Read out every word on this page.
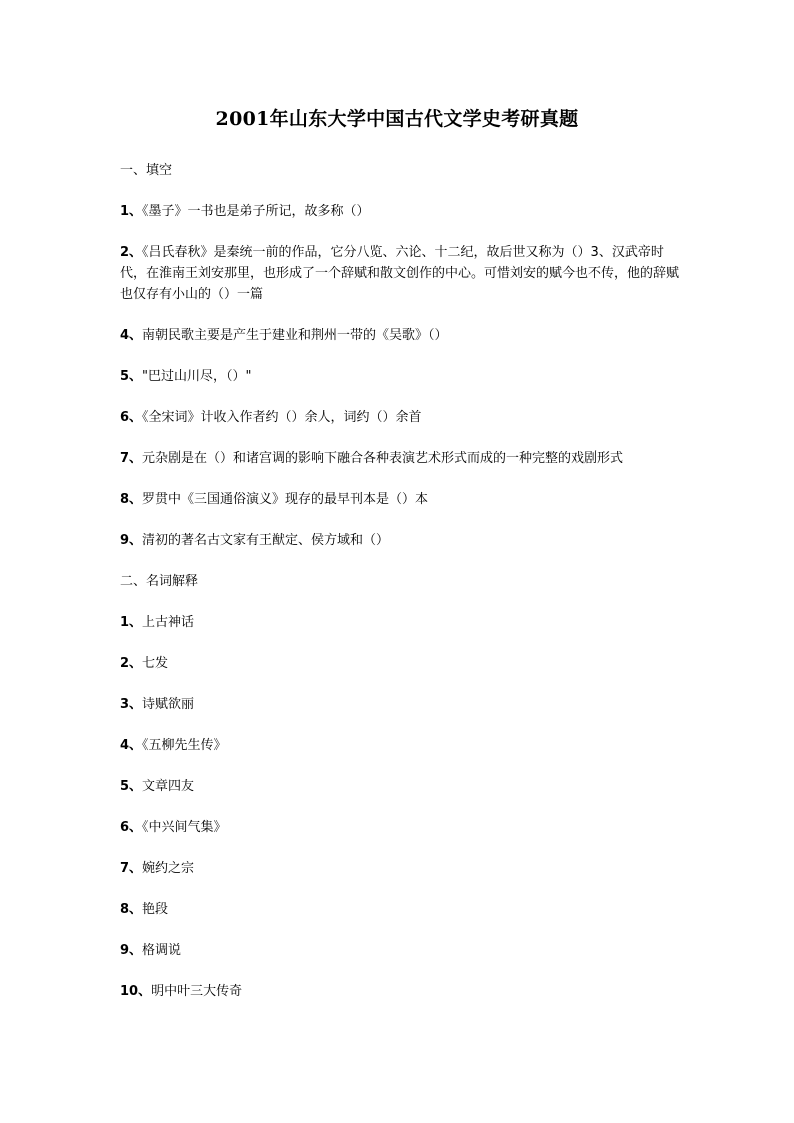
2001年山东大学中国古代文学史考研真题

一、填空

1、《墨子》一书也是弟子所记，故多称（）

2、《吕氏春秋》是秦统一前的作品，它分八览、六论、十二纪，故后世又称为（）3、汉武帝时代，在淮南王刘安那里，也形成了一个辞赋和散文创作的中心。可惜刘安的赋今也不传，他的辞赋也仅存有小山的（）一篇

4、南朝民歌主要是产生于建业和荆州一带的《吴歌》（）

5、"巴过山川尽，（）"

6、《全宋词》计收入作者约（）余人，词约（）余首

7、元杂剧是在（）和诸宫调的影响下融合各种表演艺术形式而成的一种完整的戏剧形式

8、罗贯中《三国通俗演义》现存的最早刊本是（）本

9、清初的著名古文家有王猷定、侯方域和（）

二、名词解释

1、上古神话

2、七发

3、诗赋欲丽

4、《五柳先生传》

5、文章四友

6、《中兴间气集》

7、婉约之宗

8、艳段

9、格调说

10、明中叶三大传奇
